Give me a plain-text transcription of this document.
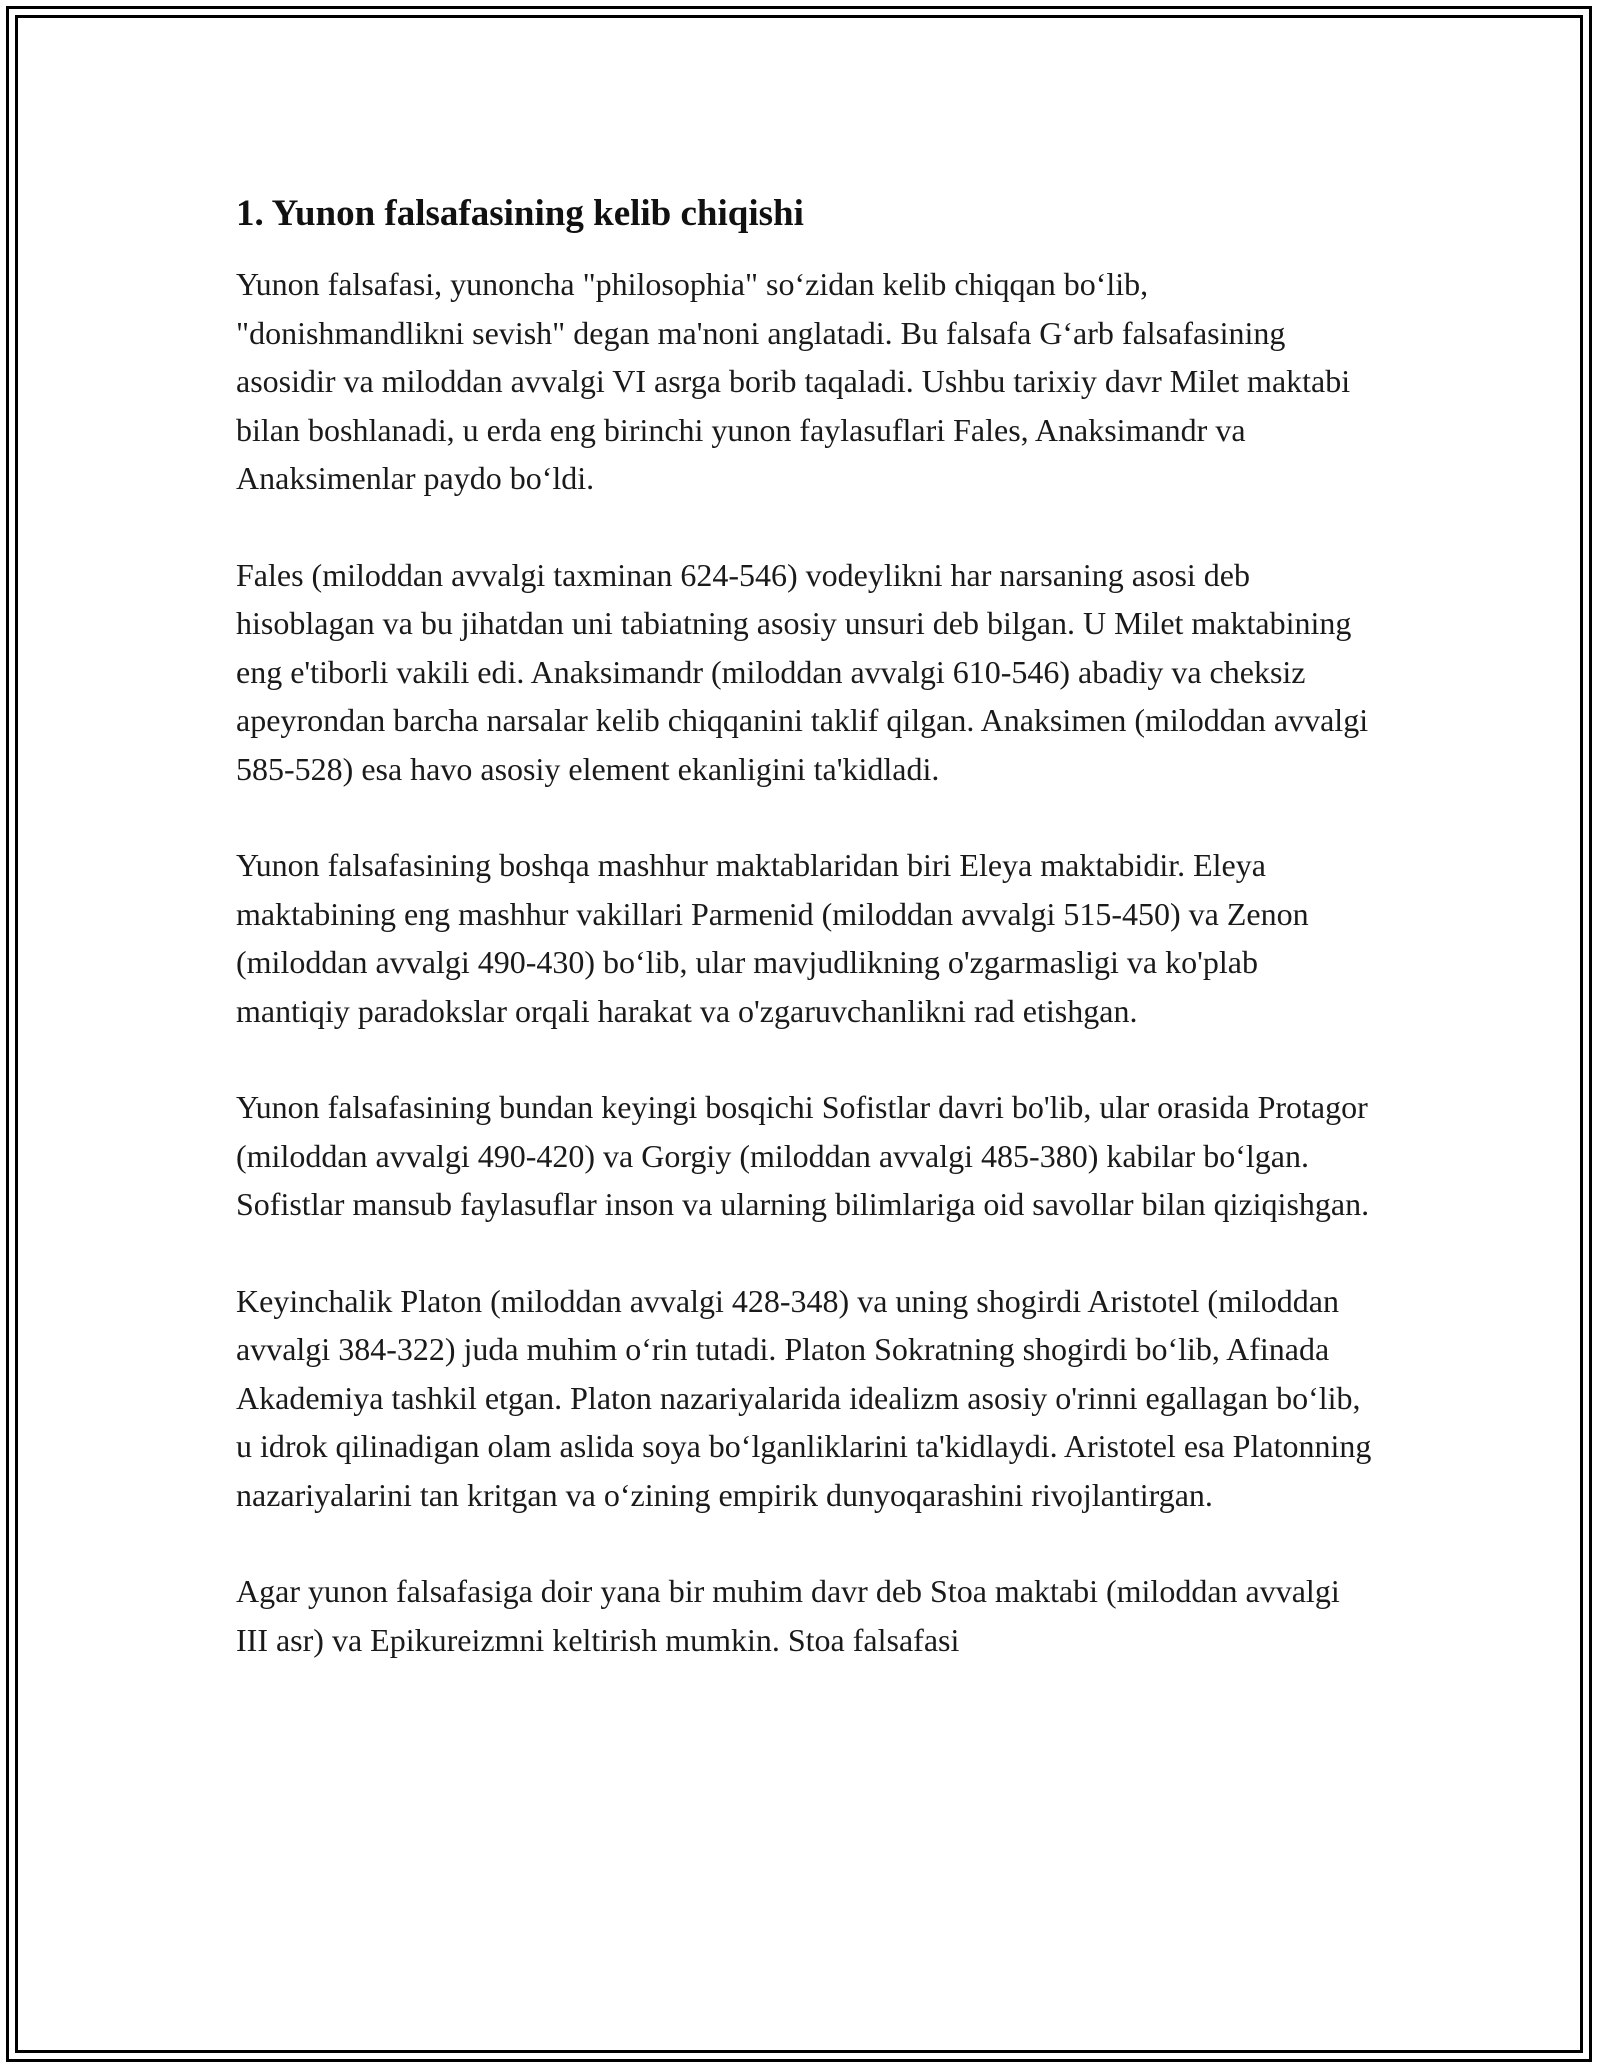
1. Yunon falsafasining kelib chiqishi

Yunon falsafasi, yunoncha "philosophia" so‘zidan kelib chiqqan bo‘lib, "donishmandlikni sevish" degan ma'noni anglatadi. Bu falsafa G‘arb falsafasining asosidir va miloddan avvalgi VI asrga borib taqaladi. Ushbu tarixiy davr Milet maktabi bilan boshlanadi, u erda eng birinchi yunon faylasuflari Fales, Anaksimandr va Anaksimenlar paydo bo‘ldi.

Fales (miloddan avvalgi taxminan 624-546) vodeylikni har narsaning asosi deb hisoblagan va bu jihatdan uni tabiatning asosiy unsuri deb bilgan. U Milet maktabining eng e'tiborli vakili edi. Anaksimandr (miloddan avvalgi 610-546) abadiy va cheksiz apeyrondan barcha narsalar kelib chiqqanini taklif qilgan. Anaksimen (miloddan avvalgi 585-528) esa havo asosiy element ekanligini ta'kidladi.

Yunon falsafasining boshqa mashhur maktablaridan biri Eleya maktabidir. Eleya maktabining eng mashhur vakillari Parmenid (miloddan avvalgi 515-450) va Zenon (miloddan avvalgi 490-430) bo‘lib, ular mavjudlikning o'zgarmasligi va ko'plab mantiqiy paradokslar orqali harakat va o'zgaruvchanlikni rad etishgan.

Yunon falsafasining bundan keyingi bosqichi Sofistlar davri bo'lib, ular orasida Protagor (miloddan avvalgi 490-420) va Gorgiy (miloddan avvalgi 485-380) kabilar bo‘lgan. Sofistlar mansub faylasuflar inson va ularning bilimlariga oid savollar bilan qiziqishgan.

Keyinchalik Platon (miloddan avvalgi 428-348) va uning shogirdi Aristotel (miloddan avvalgi 384-322) juda muhim o‘rin tutadi. Platon Sokratning shogirdi bo‘lib, Afinada Akademiya tashkil etgan. Platon nazariyalarida idealizm asosiy o'rinni egallagan bo‘lib, u idrok qilinadigan olam aslida soya bo‘lganliklarini ta'kidlaydi. Aristotel esa Platonning nazariyalarini tan kritgan va o‘zining empirik dunyoqarashini rivojlantirgan.

Agar yunon falsafasiga doir yana bir muhim davr deb Stoa maktabi (miloddan avvalgi III asr) va Epikureizmni keltirish mumkin. Stoa falsafasi
